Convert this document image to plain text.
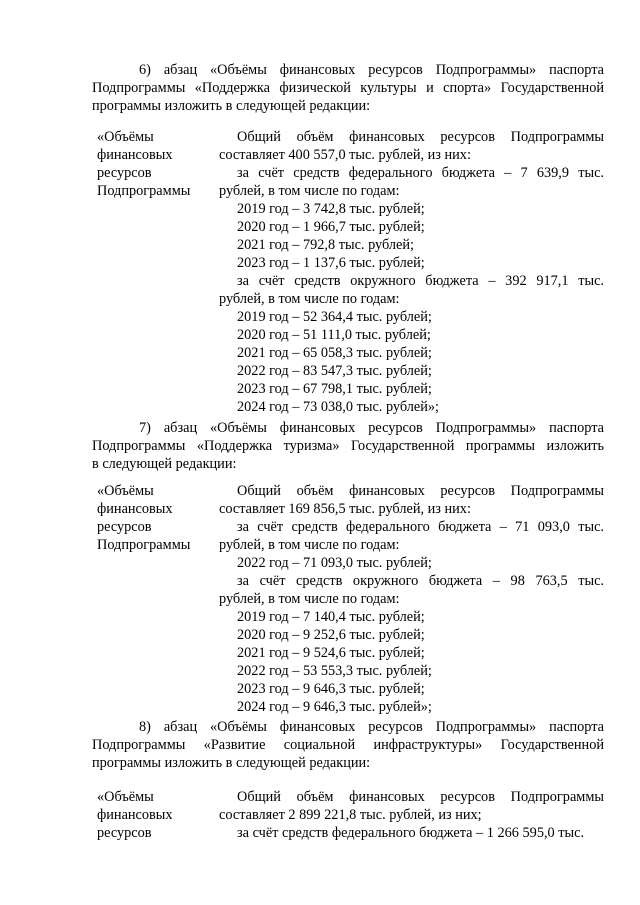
6) абзац «Объёмы финансовых ресурсов Подпрограммы» паспорта
Подпрограммы «Поддержка физической культуры и спорта» Государственной
программы изложить в следующей редакции:
«Объёмы
финансовых
ресурсов
Подпрограммы
Общий объём финансовых ресурсов Подпрограммы
составляет 400 557,0 тыс. рублей, из них:
за счёт средств федерального бюджета – 7 639,9 тыс.
рублей, в том числе по годам:
2019 год – 3 742,8 тыс. рублей;
2020 год – 1 966,7 тыс. рублей;
2021 год – 792,8 тыс. рублей;
2023 год – 1 137,6 тыс. рублей;
за счёт средств окружного бюджета – 392 917,1 тыс.
рублей, в том числе по годам:
2019 год – 52 364,4 тыс. рублей;
2020 год – 51 111,0 тыс. рублей;
2021 год – 65 058,3 тыс. рублей;
2022 год – 83 547,3 тыс. рублей;
2023 год – 67 798,1 тыс. рублей;
2024 год – 73 038,0 тыс. рублей»;
7) абзац «Объёмы финансовых ресурсов Подпрограммы» паспорта
Подпрограммы «Поддержка туризма» Государственной программы изложить
в следующей редакции:
«Объёмы
финансовых
ресурсов
Подпрограммы
Общий объём финансовых ресурсов Подпрограммы
составляет 169 856,5 тыс. рублей, из них:
за счёт средств федерального бюджета – 71 093,0 тыс.
рублей, в том числе по годам:
2022 год – 71 093,0 тыс. рублей;
за счёт средств окружного бюджета – 98 763,5 тыс.
рублей, в том числе по годам:
2019 год – 7 140,4 тыс. рублей;
2020 год – 9 252,6 тыс. рублей;
2021 год – 9 524,6 тыс. рублей;
2022 год – 53 553,3 тыс. рублей;
2023 год – 9 646,3 тыс. рублей;
2024 год – 9 646,3 тыс. рублей»;
8) абзац «Объёмы финансовых ресурсов Подпрограммы» паспорта
Подпрограммы «Развитие социальной инфраструктуры» Государственной
программы изложить в следующей редакции:
«Объёмы
финансовых
ресурсов
Общий объём финансовых ресурсов Подпрограммы
составляет 2 899 221,8 тыс. рублей, из них;
за счёт средств федерального бюджета – 1 266 595,0 тыс.
